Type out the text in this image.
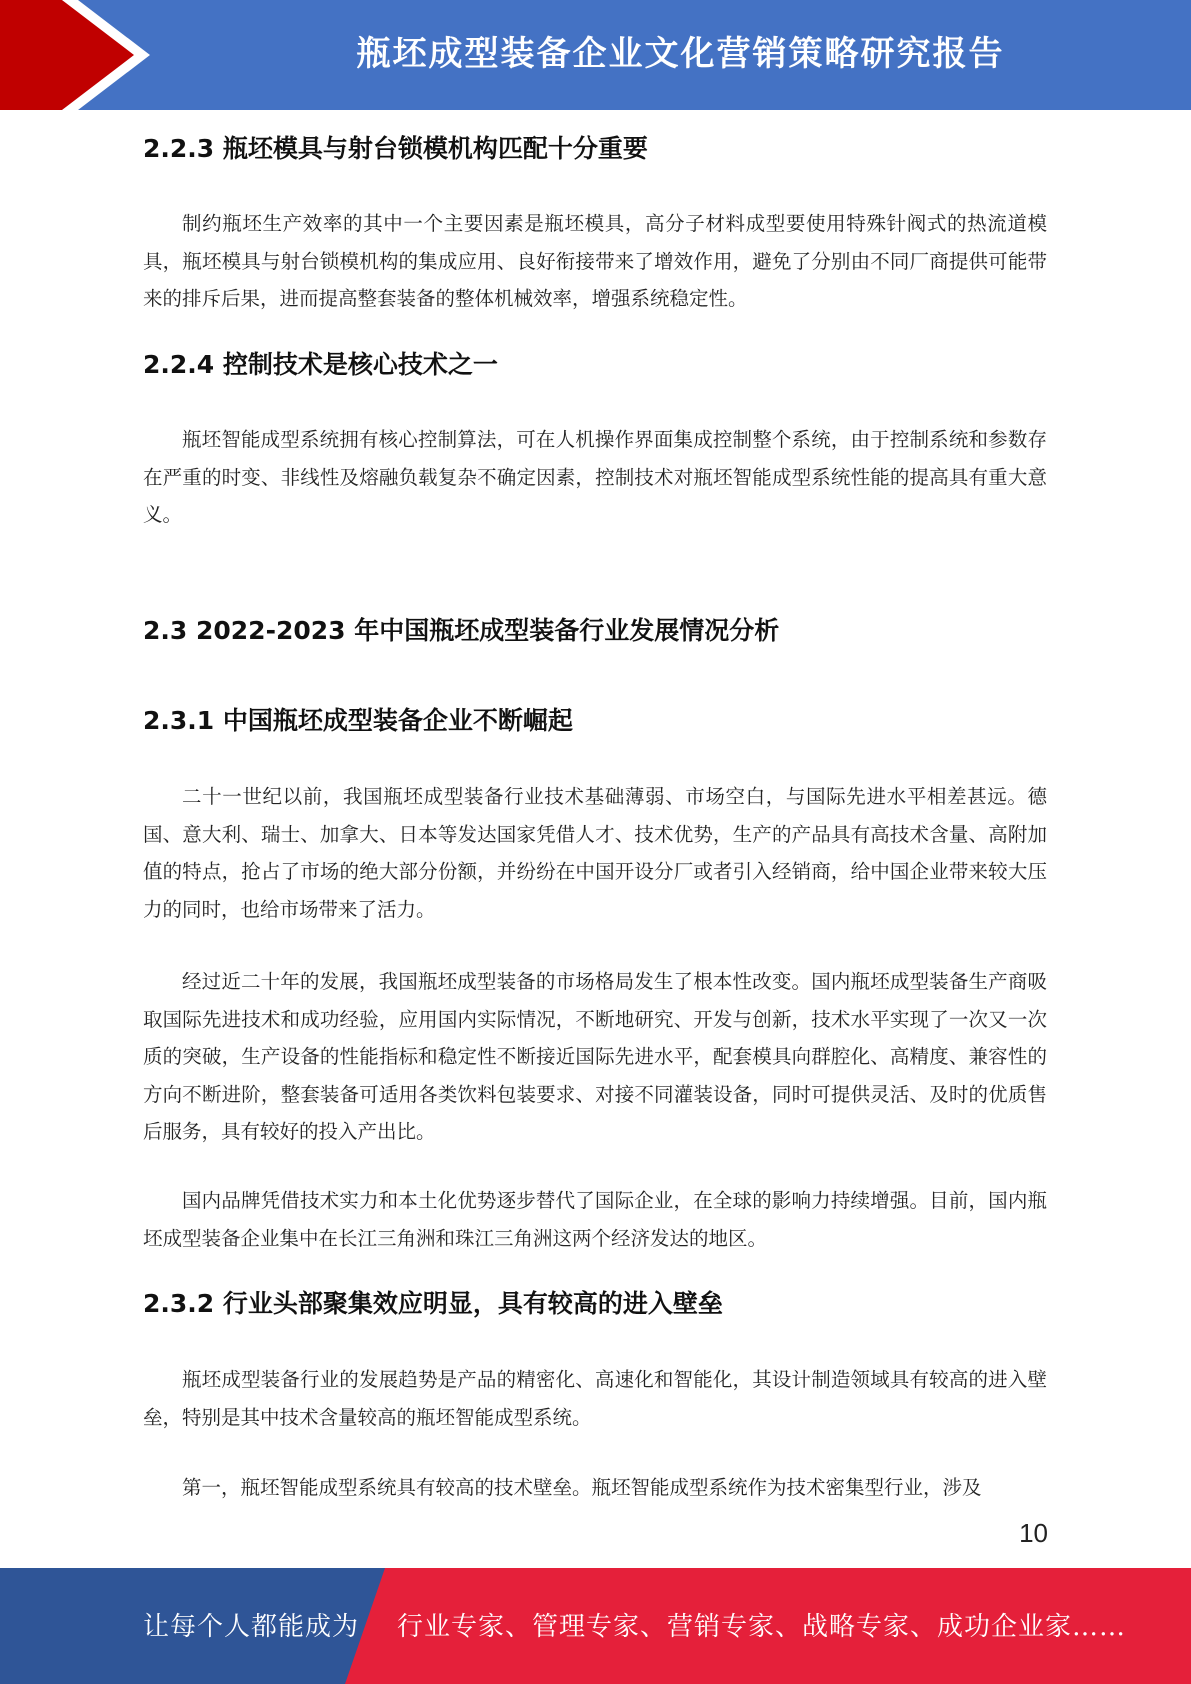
瓶坯成型装备企业文化营销策略研究报告
2.2.3 瓶坯模具与射台锁模机构匹配十分重要

制约瓶坯生产效率的其中一个主要因素是瓶坯模具，高分子材料成型要使用特殊针阀式的热流道模具，瓶坯模具与射台锁模机构的集成应用、良好衔接带来了增效作用，避免了分别由不同厂商提供可能带来的排斥后果，进而提高整套装备的整体机械效率，增强系统稳定性。

2.2.4 控制技术是核心技术之一

瓶坯智能成型系统拥有核心控制算法，可在人机操作界面集成控制整个系统，由于控制系统和参数存在严重的时变、非线性及熔融负载复杂不确定因素，控制技术对瓶坯智能成型系统性能的提高具有重大意义。

2.3 2022-2023 年中国瓶坯成型装备行业发展情况分析
2.3.1 中国瓶坯成型装备企业不断崛起

二十一世纪以前，我国瓶坯成型装备行业技术基础薄弱、市场空白，与国际先进水平相差甚远。德国、意大利、瑞士、加拿大、日本等发达国家凭借人才、技术优势，生产的产品具有高技术含量、高附加值的特点，抢占了市场的绝大部分份额，并纷纷在中国开设分厂或者引入经销商，给中国企业带来较大压力的同时，也给市场带来了活力。

经过近二十年的发展，我国瓶坯成型装备的市场格局发生了根本性改变。国内瓶坯成型装备生产商吸取国际先进技术和成功经验，应用国内实际情况，不断地研究、开发与创新，技术水平实现了一次又一次质的突破，生产设备的性能指标和稳定性不断接近国际先进水平，配套模具向群腔化、高精度、兼容性的方向不断进阶，整套装备可适用各类饮料包装要求、对接不同灌装设备，同时可提供灵活、及时的优质售后服务，具有较好的投入产出比。

国内品牌凭借技术实力和本土化优势逐步替代了国际企业，在全球的影响力持续增强。目前，国内瓶坯成型装备企业集中在长江三角洲和珠江三角洲这两个经济发达的地区。

2.3.2 行业头部聚集效应明显，具有较高的进入壁垒

瓶坯成型装备行业的发展趋势是产品的精密化、高速化和智能化，其设计制造领域具有较高的进入壁垒，特别是其中技术含量较高的瓶坯智能成型系统。

第一，瓶坯智能成型系统具有较高的技术壁垒。瓶坯智能成型系统作为技术密集型行业，涉及

10
让每个人都能成为 行业专家、管理专家、营销专家、战略专家、成功企业家……
